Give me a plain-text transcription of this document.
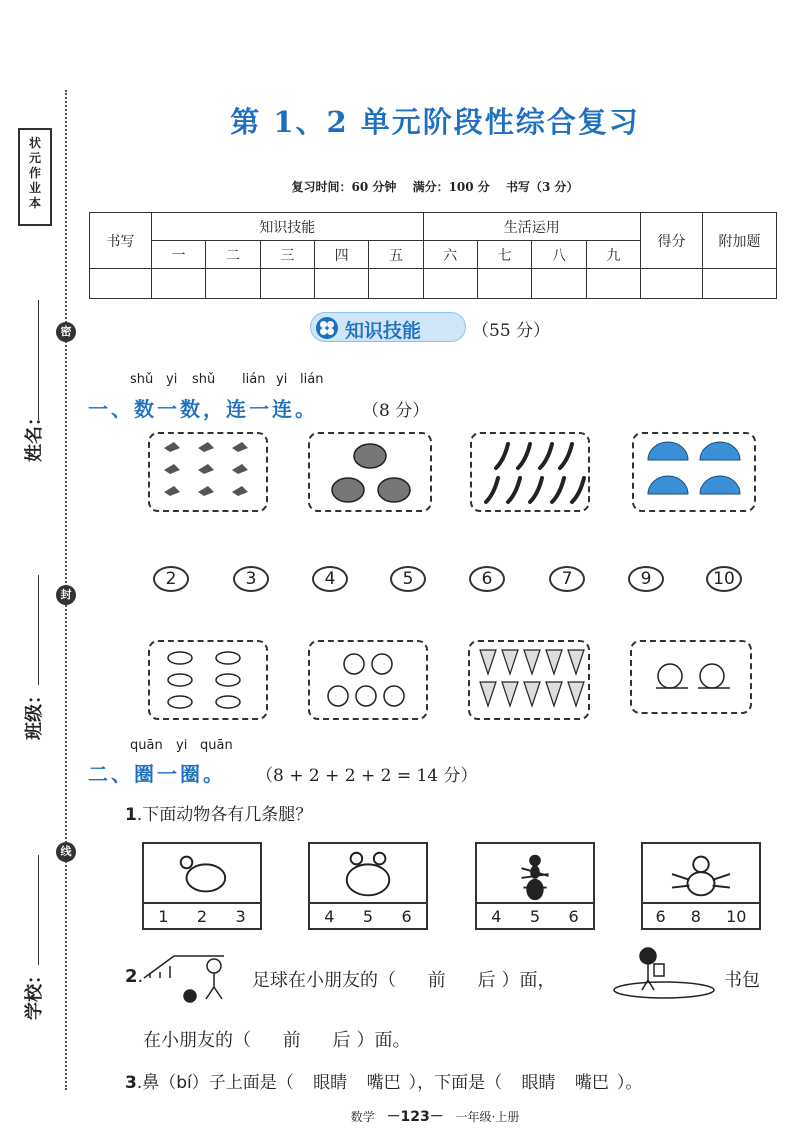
状
元
作
业
本
密
封
线
姓名：
班级：
学校：
第 1、2 单元阶段性综合复习
复习时间：60 分钟 满分：100 分 书写（3 分）
书写	知识技能					生活运用				得分	附加题
	一	二	三	四	五	六	七	八	九		

知识技能	（55 分）
shǔ yi shǔ lián yi lián
一、数一数，连一连。	（8 分）
2	3	4	5	6	7	9	10
quān yi quān
二、圈一圈。 （8 + 2 + 2 + 2 = 14 分）
1.下面动物各有几条腿？
1 2 3	4 5 6	4 5 6	6 8 10
2.	足球在小朋友的（ 前 后 ）面，	书包
在小朋友的（ 前 后 ）面。
3.鼻（bí）子上面是（ 眼睛 嘴巴 ），下面是（ 眼睛 嘴巴 ）。
数学 －123－ 一年级·上册
